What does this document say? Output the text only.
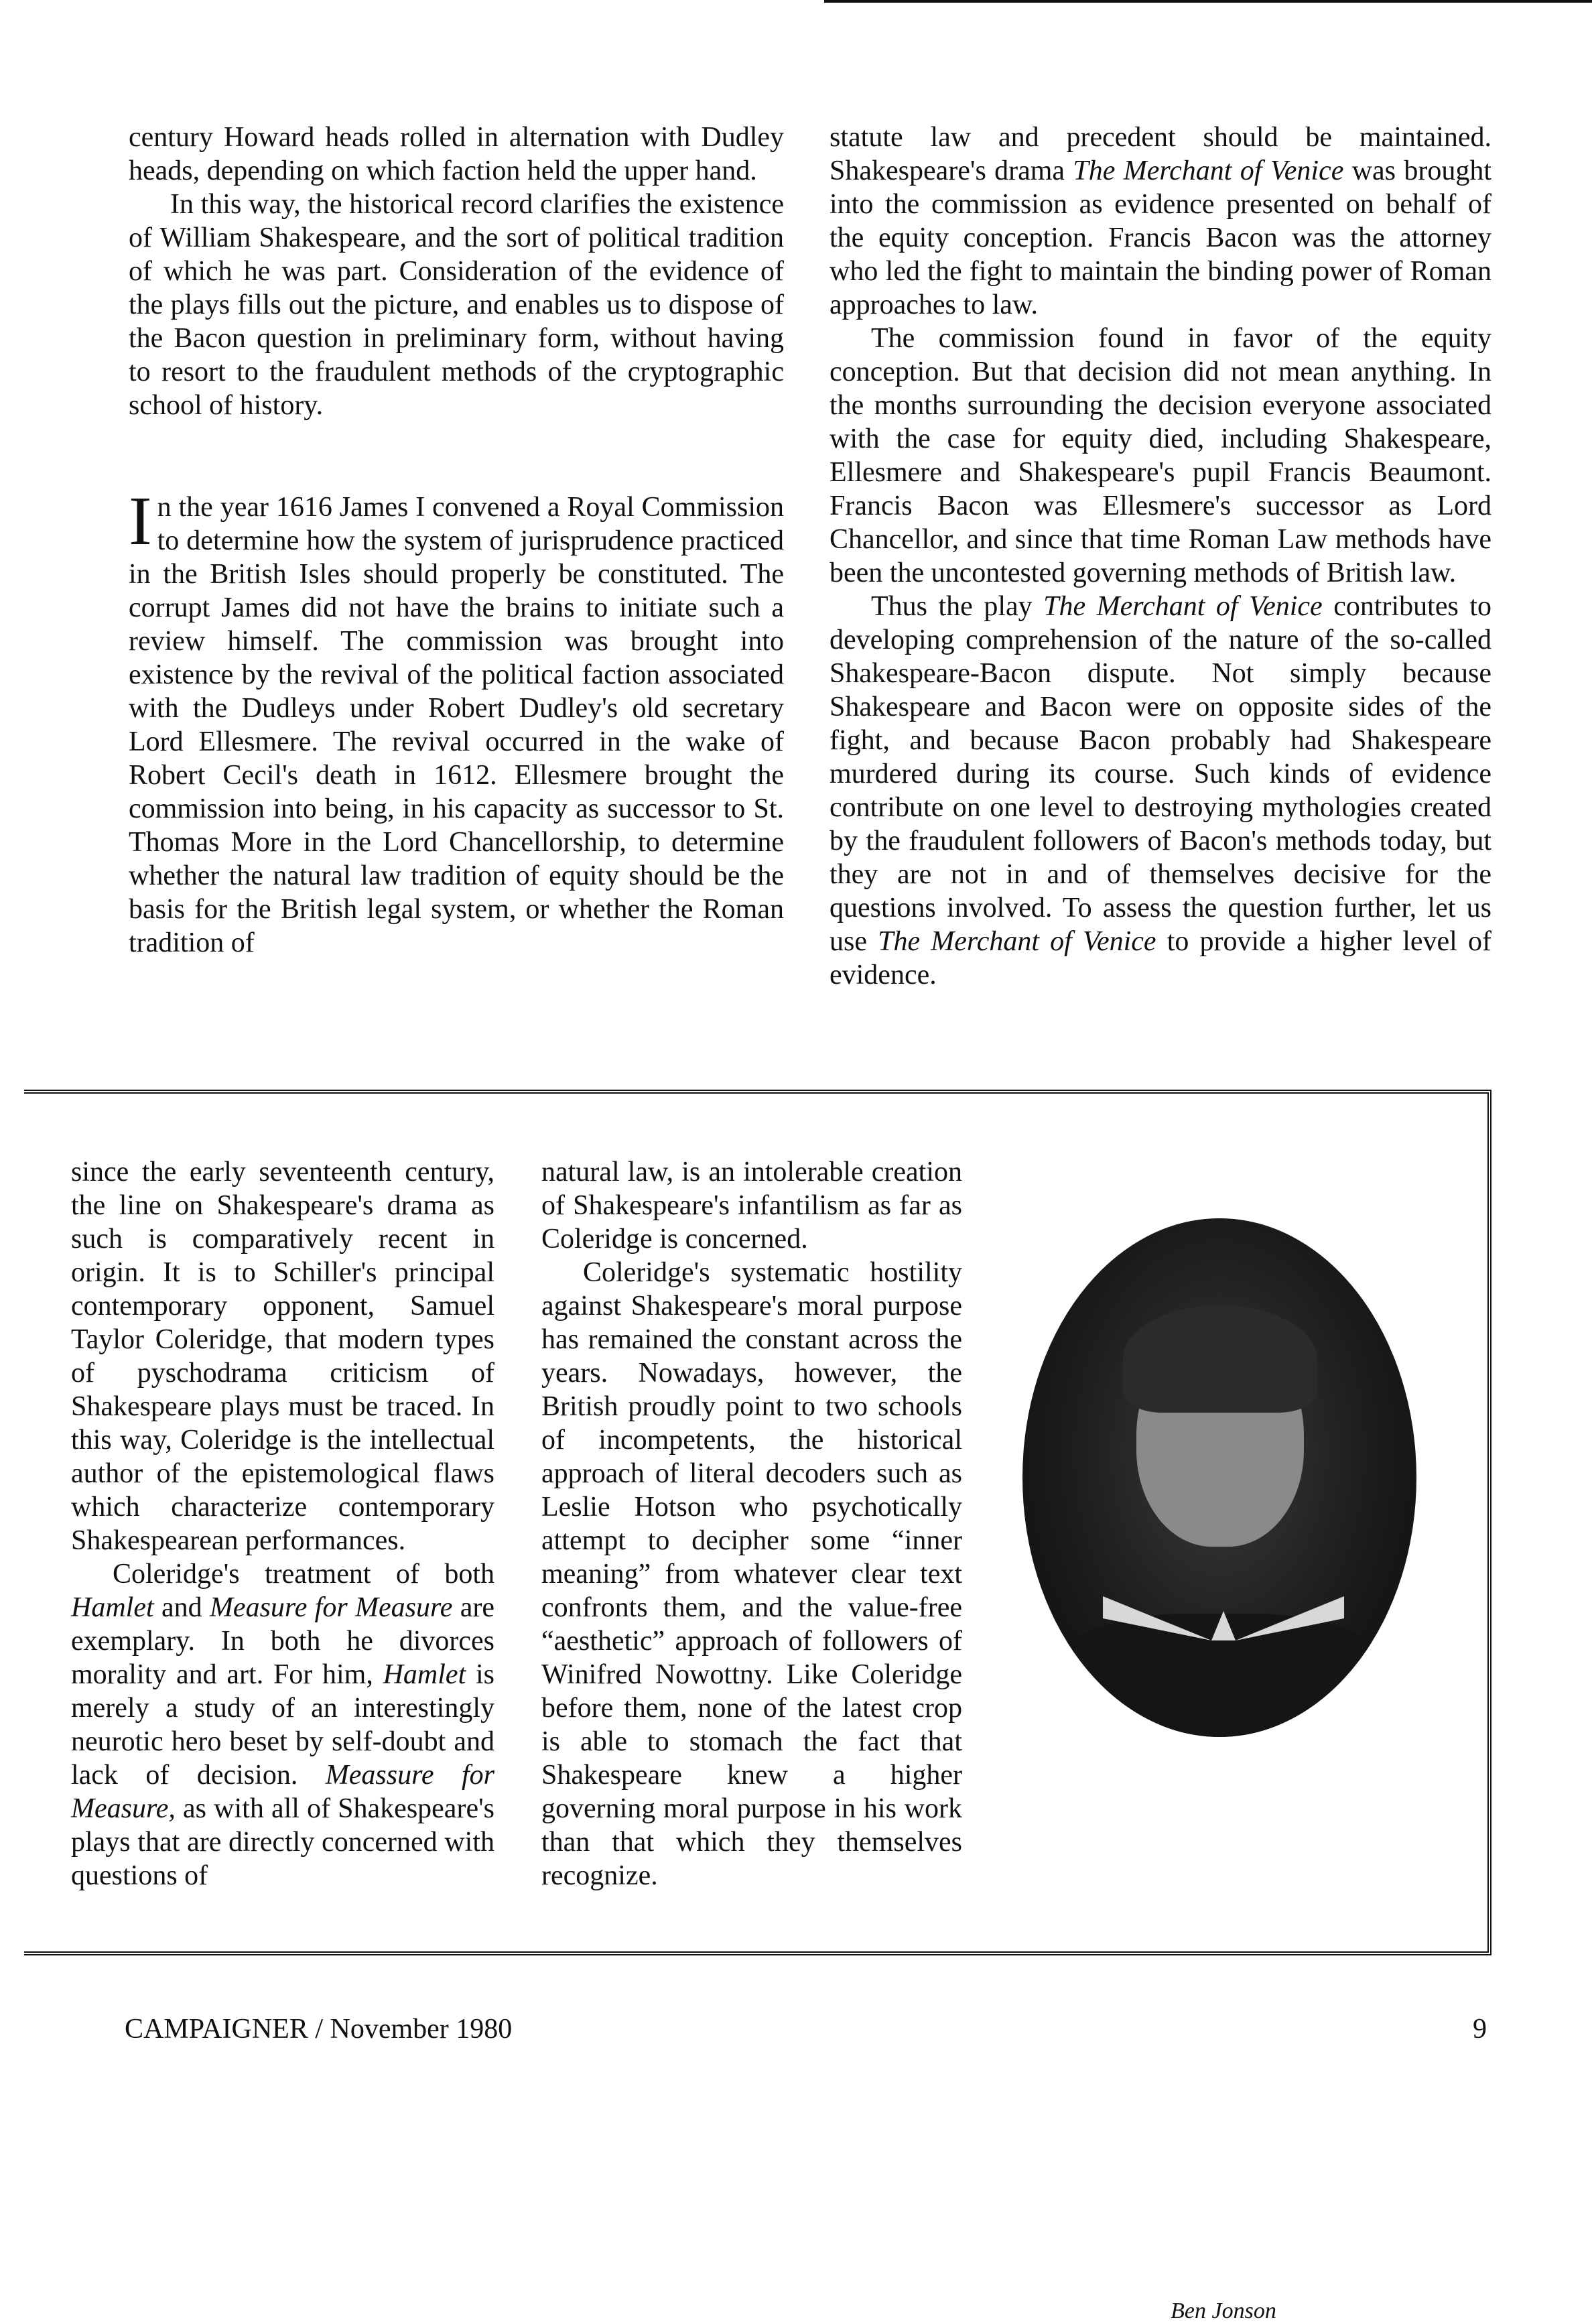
century Howard heads rolled in alternation with Dudley heads, depending on which faction held the upper hand.

In this way, the historical record clarifies the existence of William Shakespeare, and the sort of political tradition of which he was part. Consideration of the evidence of the plays fills out the picture, and enables us to dispose of the Bacon question in preliminary form, without having to resort to the fraudulent methods of the cryptographic school of history.

In the year 1616 James I convened a Royal Commission to determine how the system of jurisprudence practiced in the British Isles should properly be constituted. The corrupt James did not have the brains to initiate such a review himself. The commission was brought into existence by the revival of the political faction associated with the Dudleys under Robert Dudley's old secretary Lord Ellesmere. The revival occurred in the wake of Robert Cecil's death in 1612. Ellesmere brought the commission into being, in his capacity as successor to St. Thomas More in the Lord Chancellorship, to determine whether the natural law tradition of equity should be the basis for the British legal system, or whether the Roman tradition of

statute law and precedent should be maintained. Shakespeare's drama The Merchant of Venice was brought into the commission as evidence presented on behalf of the equity conception. Francis Bacon was the attorney who led the fight to maintain the binding power of Roman approaches to law.

The commission found in favor of the equity conception. But that decision did not mean anything. In the months surrounding the decision everyone associated with the case for equity died, including Shakespeare, Ellesmere and Shakespeare's pupil Francis Beaumont. Francis Bacon was Ellesmere's successor as Lord Chancellor, and since that time Roman Law methods have been the uncontested governing methods of British law.

Thus the play The Merchant of Venice contributes to developing comprehension of the nature of the so-called Shakespeare-Bacon dispute. Not simply because Shakespeare and Bacon were on opposite sides of the fight, and because Bacon probably had Shakespeare murdered during its course. Such kinds of evidence contribute on one level to destroying mythologies created by the fraudulent followers of Bacon's methods today, but they are not in and of themselves decisive for the questions involved. To assess the question further, let us use The Merchant of Venice to provide a higher level of evidence.

since the early seventeenth century, the line on Shakespeare's drama as such is comparatively recent in origin. It is to Schiller's principal contemporary opponent, Samuel Taylor Coleridge, that modern types of pyschodrama criticism of Shakespeare plays must be traced. In this way, Coleridge is the intellectual author of the epistemological flaws which characterize contemporary Shakespearean performances.

Coleridge's treatment of both Hamlet and Measure for Measure are exemplary. In both he divorces morality and art. For him, Hamlet is merely a study of an interestingly neurotic hero beset by self-doubt and lack of decision. Meassure for Measure, as with all of Shakespeare's plays that are directly concerned with questions of

natural law, is an intolerable creation of Shakespeare's infantilism as far as Coleridge is concerned.

Coleridge's systematic hostility against Shakespeare's moral purpose has remained the constant across the years. Nowadays, however, the British proudly point to two schools of incompetents, the historical approach of literal decoders such as Leslie Hotson who psychotically attempt to decipher some “inner meaning” from whatever clear text confronts them, and the value-free “aesthetic” approach of followers of Winifred Nowottny. Like Coleridge before them, none of the latest crop is able to stomach the fact that Shakespeare knew a higher governing moral purpose in his work than that which they themselves recognize.

Ben Jonson
CAMPAIGNER / November 1980	9
